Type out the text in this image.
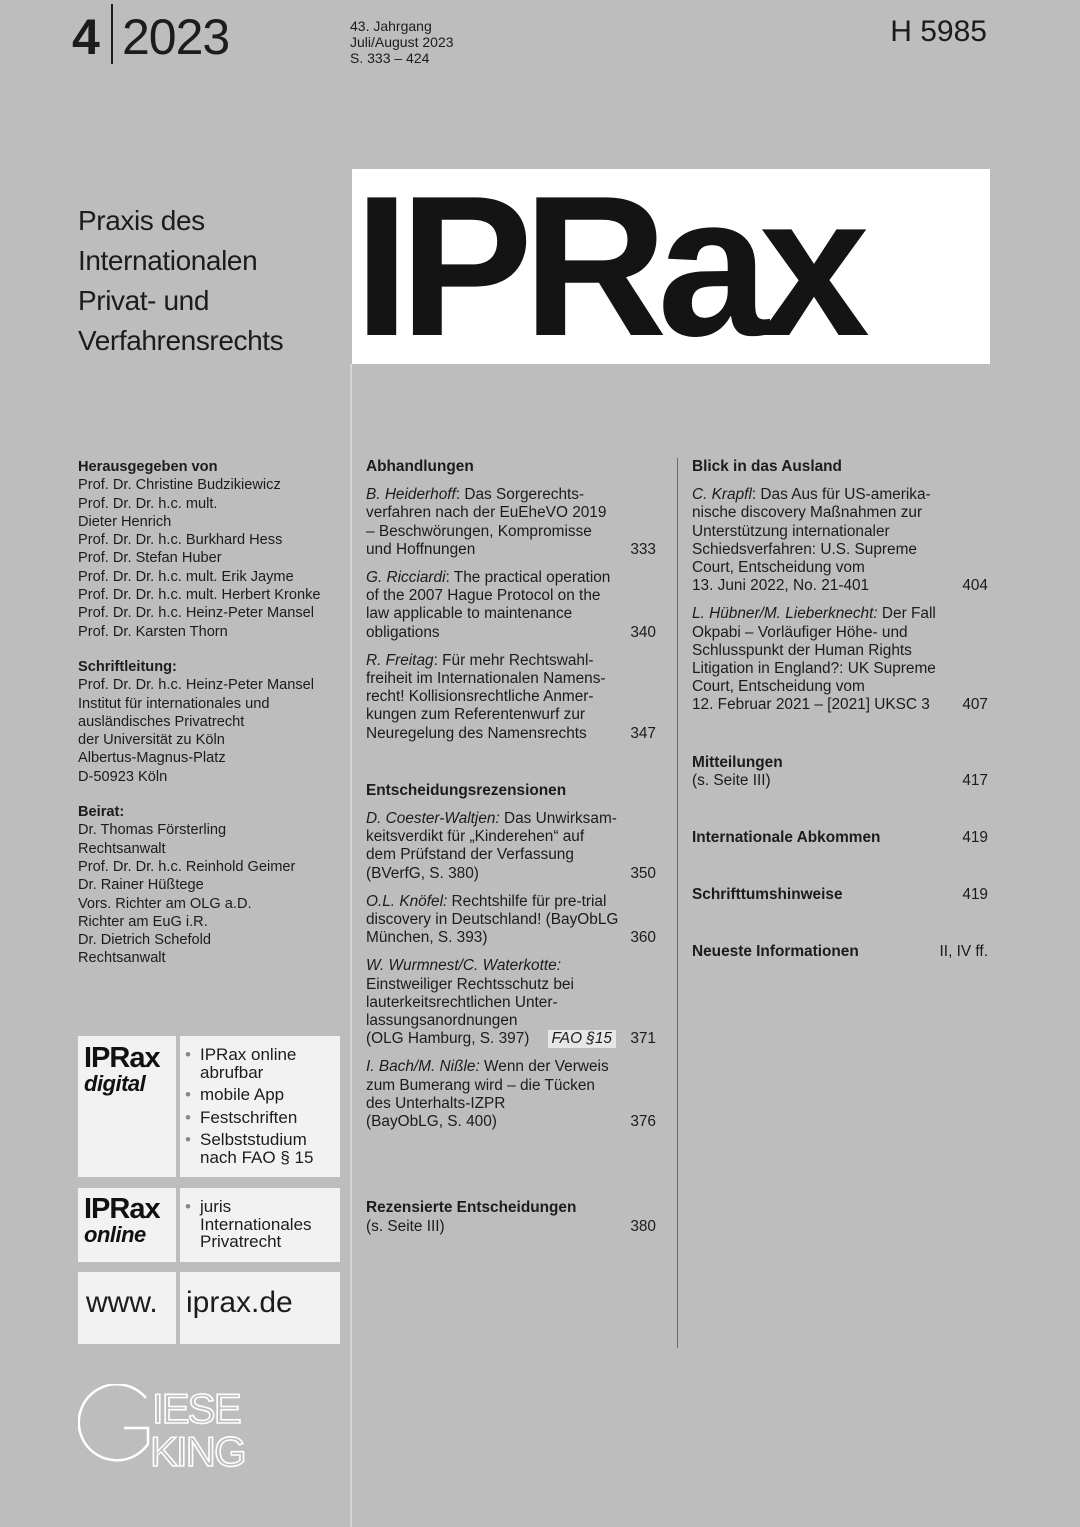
4 2023	43. Jahrgang
Juli/August 2023
S. 333 – 424
H 5985
IPRax
Praxis des
Internationalen
Privat- und
Verfahrensrechts
Herausgegeben von
Prof. Dr. Christine Budzikiewicz
Prof. Dr. Dr. h.c. mult.
Dieter Henrich
Prof. Dr. Dr. h.c. Burkhard Hess
Prof. Dr. Stefan Huber
Prof. Dr. Dr. h.c. mult. Erik Jayme
Prof. Dr. Dr. h.c. mult. Herbert Kronke
Prof. Dr. Dr. h.c. Heinz-Peter Mansel
Prof. Dr. Karsten Thorn
Schriftleitung:
Prof. Dr. Dr. h.c. Heinz-Peter Mansel
Institut für internationales und
ausländisches Privatrecht
der Universität zu Köln
Albertus-Magnus-Platz
D-50923 Köln
Beirat:
Dr. Thomas Försterling
Rechtsanwalt
Prof. Dr. Dr. h.c. Reinhold Geimer
Dr. Rainer Hüßtege
Vors. Richter am OLG a.D.
Richter am EuG i.R.
Dr. Dietrich Schefold
Rechtsanwalt
IPRax
digital
• IPRax online abrufbar
• mobile App
• Festschriften
• Selbststudium nach FAO § 15
IPRax
online
• juris Internationales Privatrecht
www. iprax.de
Abhandlungen
B. Heiderhoff: Das Sorgerechts-
verfahren nach der EuEheVO 2019
– Beschwörungen, Kompromisse
und Hoffnungen	333
G. Ricciardi: The practical operation
of the 2007 Hague Protocol on the
law applicable to maintenance
obligations	340
R. Freitag: Für mehr Rechtswahl-
freiheit im Internationalen Namens-
recht! Kollisionsrechtliche Anmer-
kungen zum Referentenwurf zur
Neuregelung des Namensrechts	347
Entscheidungsrezensionen
D. Coester-Waltjen: Das Unwirksam-
keitsverdikt für „Kinderehen“ auf
dem Prüfstand der Verfassung
(BVerfG, S. 380)	350
O.L. Knöfel: Rechtshilfe für pre-trial
discovery in Deutschland! (BayObLG
München, S. 393)	360
W. Wurmnest/C. Waterkotte:
Einstweiliger Rechtsschutz bei
lauterkeitsrechtlichen Unter-
lassungsanordnungen
(OLG Hamburg, S. 397) FAO §15 371
I. Bach/M. Nißle: Wenn der Verweis
zum Bumerang wird – die Tücken
des Unterhalts-IZPR
(BayObLG, S. 400)	376
Rezensierte Entscheidungen
(s. Seite III)	380
Blick in das Ausland
C. Krapfl: Das Aus für US-amerika-
nische discovery Maßnahmen zur
Unterstützung internationaler
Schiedsverfahren: U.S. Supreme
Court, Entscheidung vom
13. Juni 2022, No. 21-401	404
L. Hübner/M. Lieberknecht: Der Fall
Okpabi – Vorläufiger Höhe- und
Schlusspunkt der Human Rights
Litigation in England?: UK Supreme
Court, Entscheidung vom
12. Februar 2021 – [2021] UKSC 3 407
Mitteilungen
(s. Seite III)	417
Internationale Abkommen	419
Schrifttumshinweise	419
Neueste Informationen	II, IV ff.
IESE
KING
